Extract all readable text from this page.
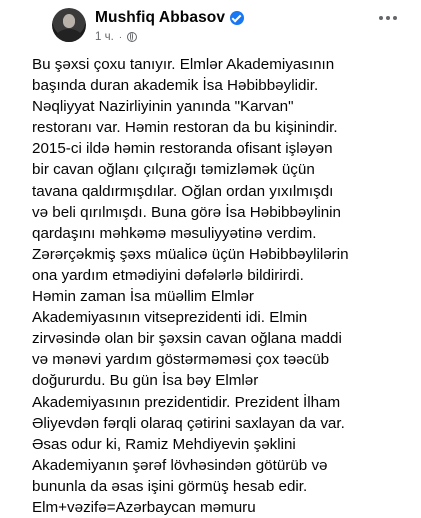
Mushfiq Abbasov
1 ч. ·

Bu şəxsi çoxu tanıyır. Elmlər Akademiyasının

başında duran akademik İsa Həbibbəylidir.

Nəqliyyat Nazirliyinin yanında "Karvan"

restoranı var. Həmin restoran da bu kişinindir.

2015-ci ildə həmin restoranda ofisant işləyən

bir cavan oğlanı çılçırağı təmizləmək üçün

tavana qaldırmışdılar. Oğlan ordan yıxılmışdı

və beli qırılmışdı. Buna görə İsa Həbibbəylinin

qardaşını məhkəmə məsuliyyətinə verdim.

Zərərçəkmiş şəxs müalicə üçün Həbibbəylilərin

ona yardım etmədiyini dəfələrlə bildirirdi.

Həmin zaman İsa müəllim Elmlər

Akademiyasının vitseprezidenti idi. Elmin

zirvəsində olan bir şəxsin cavan oğlana maddi

və mənəvi yardım göstərməməsi çox təəcüb

doğururdu. Bu gün İsa bəy Elmlər

Akademiyasının prezidentidir. Prezident İlham

Əliyevdən fərqli olaraq çətirini saxlayan da var.

Əsas odur ki, Ramiz Mehdiyevin şəklini

Akademiyanın şərəf lövhəsindən götürüb və

bununla da əsas işini görmüş hesab edir.

Elm+vəzifə=Azərbaycan məmuru
